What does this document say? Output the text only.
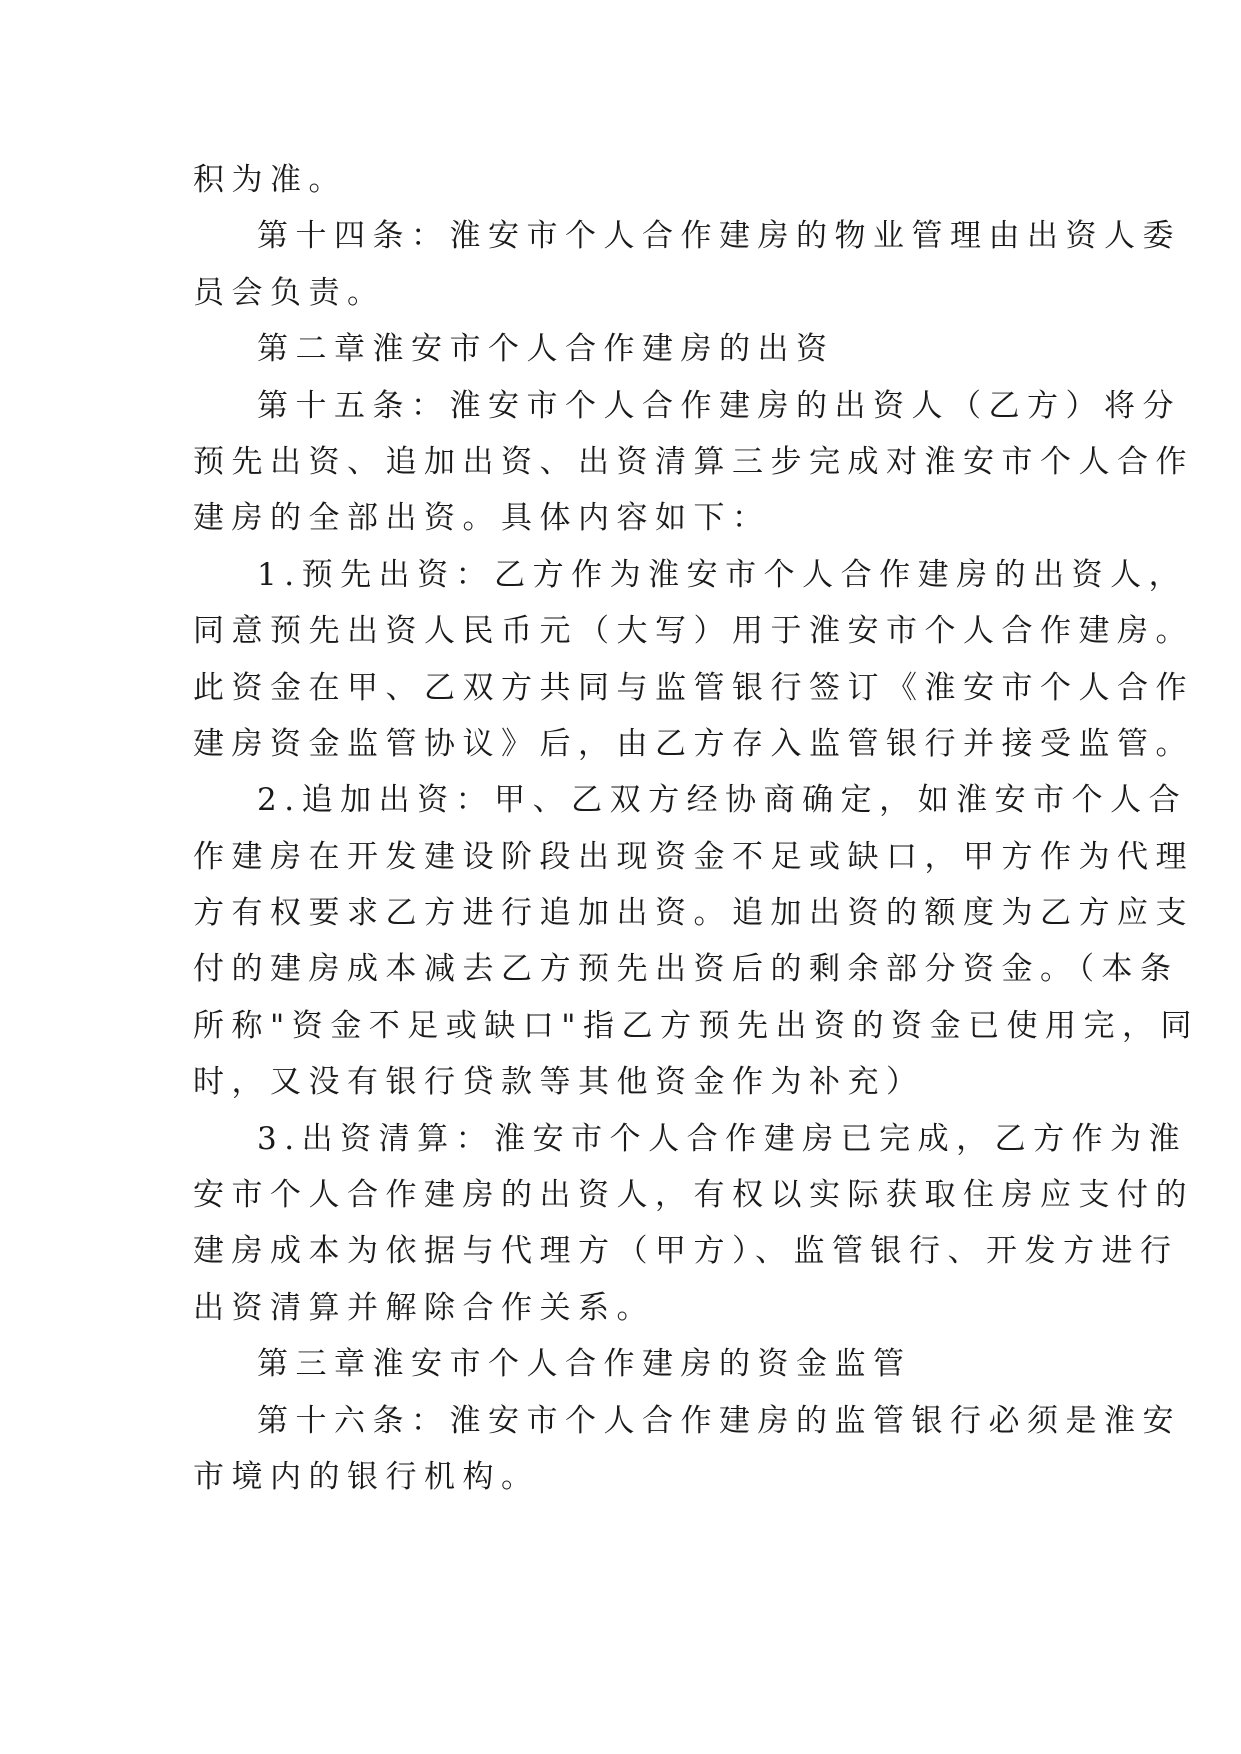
积为准。
第十四条：淮安市个人合作建房的物业管理由出资人委
员会负责。
第二章淮安市个人合作建房的出资
第十五条：淮安市个人合作建房的出资人（乙方）将分
预先出资、追加出资、出资清算三步完成对淮安市个人合作
建房的全部出资。具体内容如下：
1.预先出资：乙方作为淮安市个人合作建房的出资人，
同意预先出资人民币元（大写）用于淮安市个人合作建房。
此资金在甲、乙双方共同与监管银行签订《淮安市个人合作
建房资金监管协议》后，由乙方存入监管银行并接受监管。
2.追加出资：甲、乙双方经协商确定，如淮安市个人合
作建房在开发建设阶段出现资金不足或缺口，甲方作为代理
方有权要求乙方进行追加出资。追加出资的额度为乙方应支
付的建房成本减去乙方预先出资后的剩余部分资金。（本条
所称"资金不足或缺口"指乙方预先出资的资金已使用完，同
时，又没有银行贷款等其他资金作为补充）
3.出资清算：淮安市个人合作建房已完成，乙方作为淮
安市个人合作建房的出资人，有权以实际获取住房应支付的
建房成本为依据与代理方（甲方）、监管银行、开发方进行
出资清算并解除合作关系。
第三章淮安市个人合作建房的资金监管
第十六条：淮安市个人合作建房的监管银行必须是淮安
市境内的银行机构。
